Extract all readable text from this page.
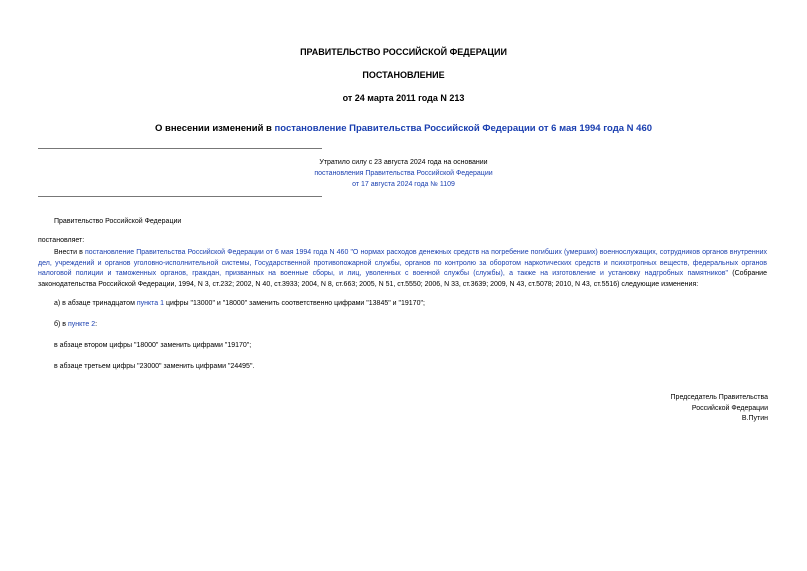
ПРАВИТЕЛЬСТВО РОССИЙСКОЙ ФЕДЕРАЦИИ
ПОСТАНОВЛЕНИЕ
от 24 марта 2011 года N 213
О внесении изменений в постановление Правительства Российской Федерации от 6 мая 1994 года N 460
Утратило силу с 23 августа 2024 года на основании
постановления Правительства Российской Федерации
от 17 августа 2024 года № 1109
Правительство Российской Федерации
постановляет:
Внести в постановление Правительства Российской Федерации от 6 мая 1994 года N 460 "О нормах расходов денежных средств на погребение погибших (умерших) военнослужащих, сотрудников органов внутренних дел, учреждений и органов уголовно-исполнительной системы, Государственной противопожарной службы, органов по контролю за оборотом наркотических средств и психотропных веществ, федеральных органов налоговой полиции и таможенных органов, граждан, призванных на военные сборы, и лиц, уволенных с военной службы (службы), а также на изготовление и установку надгробных памятников" (Собрание законодательства Российской Федерации, 1994, N 3, ст.232; 2002, N 40, ст.3933; 2004, N 8, ст.663; 2005, N 51, ст.5550; 2006, N 33, ст.3639; 2009, N 43, ст.5078; 2010, N 43, ст.5516) следующие изменения:
а) в абзаце тринадцатом пункта 1 цифры "13000" и "18000" заменить соответственно цифрами "13845" и "19170";
б) в пункте 2:
в абзаце втором цифры "18000" заменить цифрами "19170";
в абзаце третьем цифры "23000" заменить цифрами "24495".
Председатель Правительства
Российской Федерации
В.Путин
